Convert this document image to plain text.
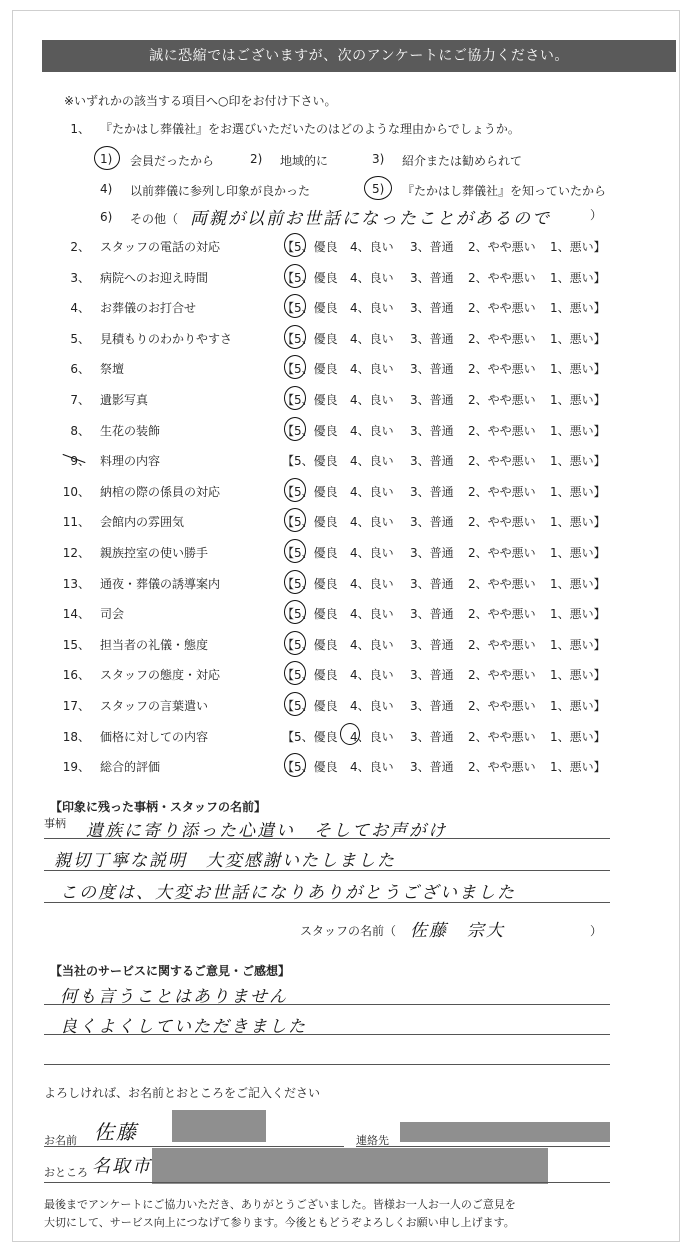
誠に恐縮ではございますが、次のアンケートにご協力ください。
※いずれかの該当する項目へ○印をお付け下さい。
1、 『たかはし葬儀社』をお選びいただいたのはどのような理由からでしょうか。
1) 会員だったから	2) 地域的に	3) 紹介または勧められて
4) 以前葬儀に参列し印象が良かった	5) 『たかはし葬儀社』を知っていたから
6) その他（ 両親が以前お世話になったことがあるので	）
2、 スタッフの電話の対応	【5、優良 4、良い 3、普通 2、やや悪い 1、悪い】
3、 病院へのお迎え時間	【5、優良 4、良い 3、普通 2、やや悪い 1、悪い】
4、 お葬儀のお打合せ	【5、優良 4、良い 3、普通 2、やや悪い 1、悪い】
5、 見積もりのわかりやすさ	【5、優良 4、良い 3、普通 2、やや悪い 1、悪い】
6、 祭壇	【5、優良 4、良い 3、普通 2、やや悪い 1、悪い】
7、 遺影写真	【5、優良 4、良い 3、普通 2、やや悪い 1、悪い】
8、 生花の装飾	【5、優良 4、良い 3、普通 2、やや悪い 1、悪い】
9、 料理の内容	【5、優良 4、良い 3、普通 2、やや悪い 1、悪い】
10、 納棺の際の係員の対応	【5、優良 4、良い 3、普通 2、やや悪い 1、悪い】
11、 会館内の雰囲気	【5、優良 4、良い 3、普通 2、やや悪い 1、悪い】
12、 親族控室の使い勝手	【5、優良 4、良い 3、普通 2、やや悪い 1、悪い】
13、 通夜・葬儀の誘導案内	【5、優良 4、良い 3、普通 2、やや悪い 1、悪い】
14、 司会	【5、優良 4、良い 3、普通 2、やや悪い 1、悪い】
15、 担当者の礼儀・態度	【5、優良 4、良い 3、普通 2、やや悪い 1、悪い】
16、 スタッフの態度・対応	【5、優良 4、良い 3、普通 2、やや悪い 1、悪い】
17、 スタッフの言葉遣い	【5、優良 4、良い 3、普通 2、やや悪い 1、悪い】
18、 価格に対しての内容	【5、優良 4、良い 3、普通 2、やや悪い 1、悪い】
19、 総合的評価	【5、優良 4、良い 3、普通 2、やや悪い 1、悪い】
【印象に残った事柄・スタッフの名前】
事柄 遺族に寄り添った心遣い　そしてお声がけ
親切丁寧な説明　大変感謝いたしました
この度は、大変お世話になりありがとうございました
スタッフの名前（ 佐藤　宗大	）
【当社のサービスに関するご意見・ご感想】
何も言うことはありません
良くよくしていただきました
よろしければ、お名前とおところをご記入ください
お名前 佐藤	連絡先
おところ 名取市
最後までアンケートにご協力いただき、ありがとうございました。皆様お一人お一人のご意見を
大切にして、サービス向上につなげて参ります。今後ともどうぞよろしくお願い申し上げます。
